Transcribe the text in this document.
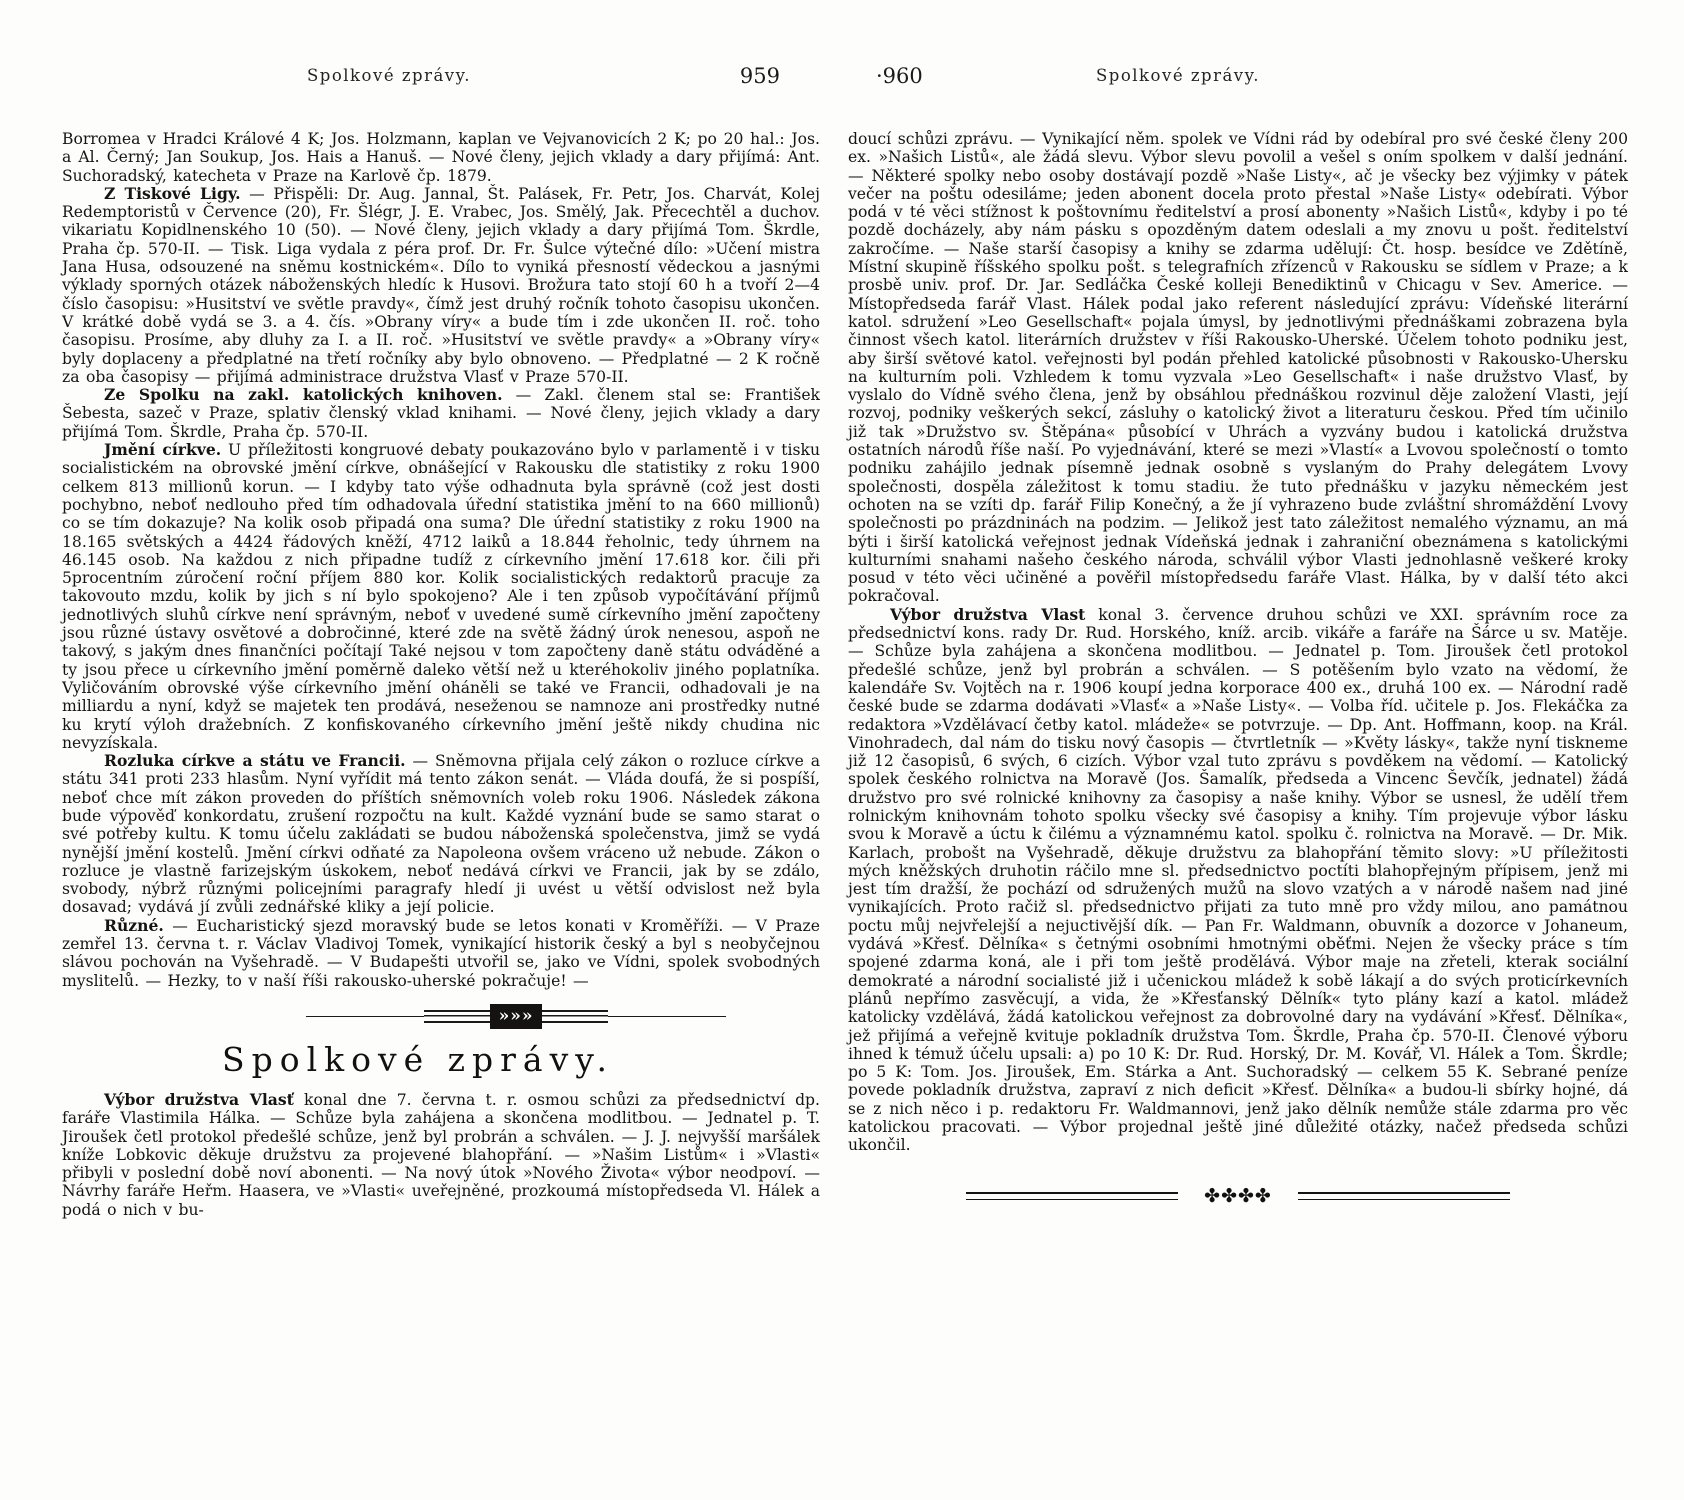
Spolkové zprávy.	959

Borromea v Hradci Králové 4 K; Jos. Holzmann, kaplan ve Vejvanovicích 2 K; po 20 hal.: Jos. a Al. Černý; Jan Soukup, Jos. Hais a Hanuš. — Nové členy, jejich vklady a dary přijímá: Ant. Suchoradský, katecheta v Praze na Karlově čp. 1879.

Z Tiskové Ligy. — Přispěli: Dr. Aug. Jannal, Št. Palásek, Fr. Petr, Jos. Charvát, Kolej Redemptoristů v Července (20), Fr. Šlégr, J. E. Vrabec, Jos. Smělý, Jak. Přecechtěl a duchov. vikariatu Kopidlnenského 10 (50). — Nové členy, jejich vklady a dary přijímá Tom. Škrdle, Praha čp. 570-II. — Tisk. Liga vydala z péra prof. Dr. Fr. Šulce výtečné dílo: »Učení mistra Jana Husa, odsouzené na sněmu kostnickém«. Dílo to vyniká přesností vědeckou a jasnými výklady sporných otázek náboženských hledíc k Husovi. Brožura tato stojí 60 h a tvoří 2—4 číslo časopisu: »Husitství ve světle pravdy«, čímž jest druhý ročník tohoto časopisu ukončen. V krátké době vydá se 3. a 4. čís. »Obrany víry« a bude tím i zde ukončen II. roč. toho časopisu. Prosíme, aby dluhy za I. a II. roč. »Husitství ve světle pravdy« a »Obrany víry« byly doplaceny a předplatné na třetí ročníky aby bylo obnoveno. — Předplatné — 2 K ročně za oba časopisy — přijímá administrace družstva Vlasť v Praze 570-II.

Ze Spolku na zakl. katolických knihoven. — Zakl. členem stal se: František Šebesta, sazeč v Praze, splativ členský vklad knihami. — Nové členy, jejich vklady a dary přijímá Tom. Škrdle, Praha čp. 570-II.

Jmění církve. U příležitosti kongruové debaty poukazováno bylo v parlamentě i v tisku socialistickém na obrovské jmění církve, obnášející v Rakousku dle statistiky z roku 1900 celkem 813 millionů korun. — I kdyby tato výše odhadnuta byla správně (což jest dosti pochybno, neboť nedlouho před tím odhadovala úřední statistika jmění to na 660 millionů) co se tím dokazuje? Na kolik osob připadá ona suma? Dle úřední statistiky z roku 1900 na 18.165 světských a 4424 řádových kněží, 4712 laiků a 18.844 řeholnic, tedy úhrnem na 46.145 osob. Na každou z nich připadne tudíž z církevního jmění 17.618 kor. čili při 5procentním zúročení roční příjem 880 kor. Kolik socialistických redaktorů pracuje za takovouto mzdu, kolik by jich s ní bylo spokojeno? Ale i ten způsob vypočítávání příjmů jednotlivých sluhů církve není správným, neboť v uvedené sumě církevního jmění započteny jsou různé ústavy osvětové a dobročinné, které zde na světě žádný úrok nenesou, aspoň ne takový, s jakým dnes finančníci počítají Také nejsou v tom započteny daně státu odváděné a ty jsou přece u církevního jmění poměrně daleko větší než u kteréhokoliv jiného poplatníka. Vyličováním obrovské výše církevního jmění oháněli se také ve Francii, odhadovali je na milliardu a nyní, když se majetek ten prodává, neseženou se namnoze ani prostředky nutné ku krytí výloh dražebních. Z konfiskovaného církevního jmění ještě nikdy chudina nic nevyzískala.

Rozluka církve a státu ve Francii. — Sněmovna přijala celý zákon o rozluce církve a státu 341 proti 233 hlasům. Nyní vyřídit má tento zákon senát. — Vláda doufá, že si pospíší, neboť chce mít zákon proveden do příštích sněmovních voleb roku 1906. Následek zákona bude výpověď konkordatu, zrušení rozpočtu na kult. Každé vyznání bude se samo starat o své potřeby kultu. K tomu účelu zakládati se budou náboženská společenstva, jimž se vydá nynější jmění kostelů. Jmění církvi odňaté za Napoleona ovšem vráceno už nebude. Zákon o rozluce je vlastně farizejským úskokem, neboť nedává církvi ve Francii, jak by se zdálo, svobody, nýbrž různými policejními paragrafy hledí ji uvést u větší odvislost než byla dosavad; vydává jí zvůli zednářské kliky a její policie.

Různé. — Eucharistický sjezd moravský bude se letos konati v Kroměříži. — V Praze zemřel 13. června t. r. Václav Vladivoj Tomek, vynikající historik český a byl s neobyčejnou slávou pochován na Vyšehradě. — V Budapešti utvořil se, jako ve Vídni, spolek svobodných myslitelů. — Hezky, to v naší říši rakousko-uherské pokračuje! —

»»»
Spolkové zprávy.

Výbor družstva Vlasť konal dne 7. června t. r. osmou schůzi za předsednictví dp. faráře Vlastimila Hálka. — Schůze byla zahájena a skončena modlitbou. — Jednatel p. T. Jiroušek četl protokol předešlé schůze, jenž byl probrán a schválen. — J. J. nejvyšší maršálek kníže Lobkovic děkuje družstvu za projevené blahopřání. — »Našim Listům« i »Vlasti« přibyli v poslední době noví abonenti. — Na nový útok »Nového Života« výbor neodpoví. — Návrhy faráře Heřm. Haasera, ve »Vlasti« uveřejněné, prozkoumá místopředseda Vl. Hálek a podá o nich v bu-

·960	Spolkové zprávy.

doucí schůzi zprávu. — Vynikající něm. spolek ve Vídni rád by odebíral pro své české členy 200 ex. »Našich Listů«, ale žádá slevu. Výbor slevu povolil a vešel s oním spolkem v další jednání. — Některé spolky nebo osoby dostávají pozdě »Naše Listy«, ač je všecky bez výjimky v pátek večer na poštu odesiláme; jeden abonent docela proto přestal »Naše Listy« odebírati. Výbor podá v té věci stížnost k poštovnímu ředitelství a prosí abonenty »Našich Listů«, kdyby i po té pozdě docházely, aby nám pásku s opozděným datem odeslali a my znovu u pošt. ředitelství zakročíme. — Naše starší časopisy a knihy se zdarma udělují: Čt. hosp. besídce ve Zdětíně, Místní skupině říšského spolku pošt. s telegrafních zřízenců v Rakousku se sídlem v Praze; a k prosbě univ. prof. Dr. Jar. Sedláčka České kolleji Benediktinů v Chicagu v Sev. Americe. — Místopředseda farář Vlast. Hálek podal jako referent následující zprávu: Vídeňské literární katol. sdružení »Leo Gesellschaft« pojala úmysl, by jednotlivými přednáškami zobrazena byla činnost všech katol. literárních družstev v říši Rakousko-Uherské. Účelem tohoto podniku jest, aby širší světové katol. veřejnosti byl podán přehled katolické působnosti v Rakousko-Uhersku na kulturním poli. Vzhledem k tomu vyzvala »Leo Gesellschaft« i naše družstvo Vlasť, by vyslalo do Vídně svého člena, jenž by obsáhlou přednáškou rozvinul děje založení Vlasti, její rozvoj, podniky veškerých sekcí, zásluhy o katolický život a literaturu českou. Před tím učinilo již tak »Družstvo sv. Štěpána« působící v Uhrách a vyzvány budou i katolická družstva ostatních národů říše naší. Po vyjednávání, které se mezi »Vlastí« a Lvovou společností o tomto podniku zahájilo jednak písemně jednak osobně s vyslaným do Prahy delegátem Lvovy společnosti, dospěla záležitost k tomu stadiu. že tuto přednášku v jazyku německém jest ochoten na se vzíti dp. farář Filip Konečný, a že jí vyhrazeno bude zvláštní shromáždění Lvovy společnosti po prázdninách na podzim. — Jelikož jest tato záležitost nemalého významu, an má býti i širší katolická veřejnost jednak Vídeňská jednak i zahraniční obeznámena s katolickými kulturními snahami našeho českého národa, schválil výbor Vlasti jednohlasně veškeré kroky posud v této věci učiněné a pověřil místopředsedu faráře Vlast. Hálka, by v další této akci pokračoval.

Výbor družstva Vlast konal 3. července druhou schůzi ve XXI. správním roce za předsednictví kons. rady Dr. Rud. Horského, kníž. arcib. vikáře a faráře na Šárce u sv. Matěje. — Schůze byla zahájena a skončena modlitbou. — Jednatel p. Tom. Jiroušek četl protokol předešlé schůze, jenž byl probrán a schválen. — S potěšením bylo vzato na vědomí, že kalendáře Sv. Vojtěch na r. 1906 koupí jedna korporace 400 ex., druhá 100 ex. — Národní radě české bude se zdarma dodávati »Vlasť« a »Naše Listy«. — Volba říd. učitele p. Jos. Flekáčka za redaktora »Vzdělávací četby katol. mládeže« se potvrzuje. — Dp. Ant. Hoffmann, koop. na Král. Vinohradech, dal nám do tisku nový časopis — čtvrtletník — »Květy lásky«, takže nyní tiskneme již 12 časopisů, 6 svých, 6 cizích. Výbor vzal tuto zprávu s povděkem na vědomí. — Katolický spolek českého rolnictva na Moravě (Jos. Šamalík, předseda a Vincenc Ševčík, jednatel) žádá družstvo pro své rolnické knihovny za časopisy a naše knihy. Výbor se usnesl, že udělí třem rolnickým knihovnám tohoto spolku všecky své časopisy a knihy. Tím projevuje výbor lásku svou k Moravě a úctu k čilému a významnému katol. spolku č. rolnictva na Moravě. — Dr. Mik. Karlach, probošt na Vyšehradě, děkuje družstvu za blahopřání těmito slovy: »U příležitosti mých kněžských druhotin ráčilo mne sl. předsednictvo poctíti blahopřejným přípisem, jenž mi jest tím dražší, že pochází od sdružených mužů na slovo vzatých a v národě našem nad jiné vynikajících. Proto račiž sl. předsednictvo přijati za tuto mně pro vždy milou, ano památnou poctu můj nejvřelejší a nejuctivější dík. — Pan Fr. Waldmann, obuvník a dozorce v Johaneum, vydává »Křesť. Dělníka« s četnými osobními hmotnými oběťmi. Nejen že všecky práce s tím spojené zdarma koná, ale i při tom ještě prodělává. Výbor maje na zřeteli, kterak sociální demokraté a národní socialisté již i učenickou mládež k sobě lákají a do svých proticírkevních plánů nepřímo zasvěcují, a vida, že »Křesťanský Dělník« tyto plány kazí a katol. mládež katolicky vzdělává, žádá katolickou veřejnost za dobrovolné dary na vydávání »Křesť. Dělníka«, jež přijímá a veřejně kvituje pokladník družstva Tom. Škrdle, Praha čp. 570-II. Členové výboru ihned k témuž účelu upsali: a) po 10 K: Dr. Rud. Horský, Dr. M. Kovář, Vl. Hálek a Tom. Škrdle; po 5 K: Tom. Jos. Jiroušek, Em. Stárka a Ant. Suchoradský — celkem 55 K. Sebrané peníze povede pokladník družstva, zapraví z nich deficit »Křesť. Dělníka« a budou-li sbírky hojné, dá se z nich něco i p. redaktoru Fr. Waldmannovi, jenž jako dělník nemůže stále zdarma pro věc katolickou pracovati. — Výbor projednal ještě jiné důležité otázky, načež předseda schůzi ukončil.

✤✤✤✤
